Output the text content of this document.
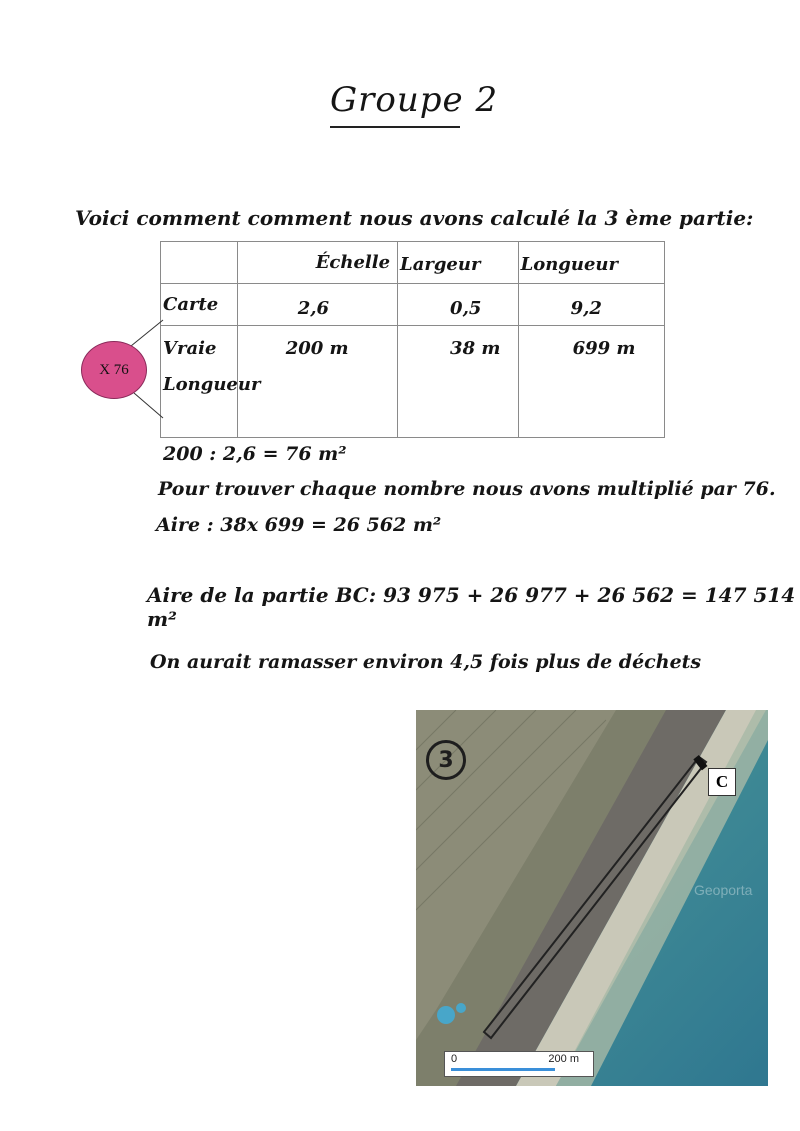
Groupe 2
Voici comment comment nous avons calculé la 3 ème partie:

	Échelle	Largeur	Longueur

Carte	2,6	0,5	9,2

Vraie
Longueur	200 m	38 m	699 m
X 76
200 : 2,6 = 76 m²
Pour trouver chaque nombre nous avons multiplié par 76.
Aire : 38x 699 = 26 562 m²
Aire de la partie BC: 93 975 + 26 977 + 26 562 = 147 514 m²
On aurait ramasser environ 4,5 fois plus de déchets
3
C
Geoporta
0	200 m
